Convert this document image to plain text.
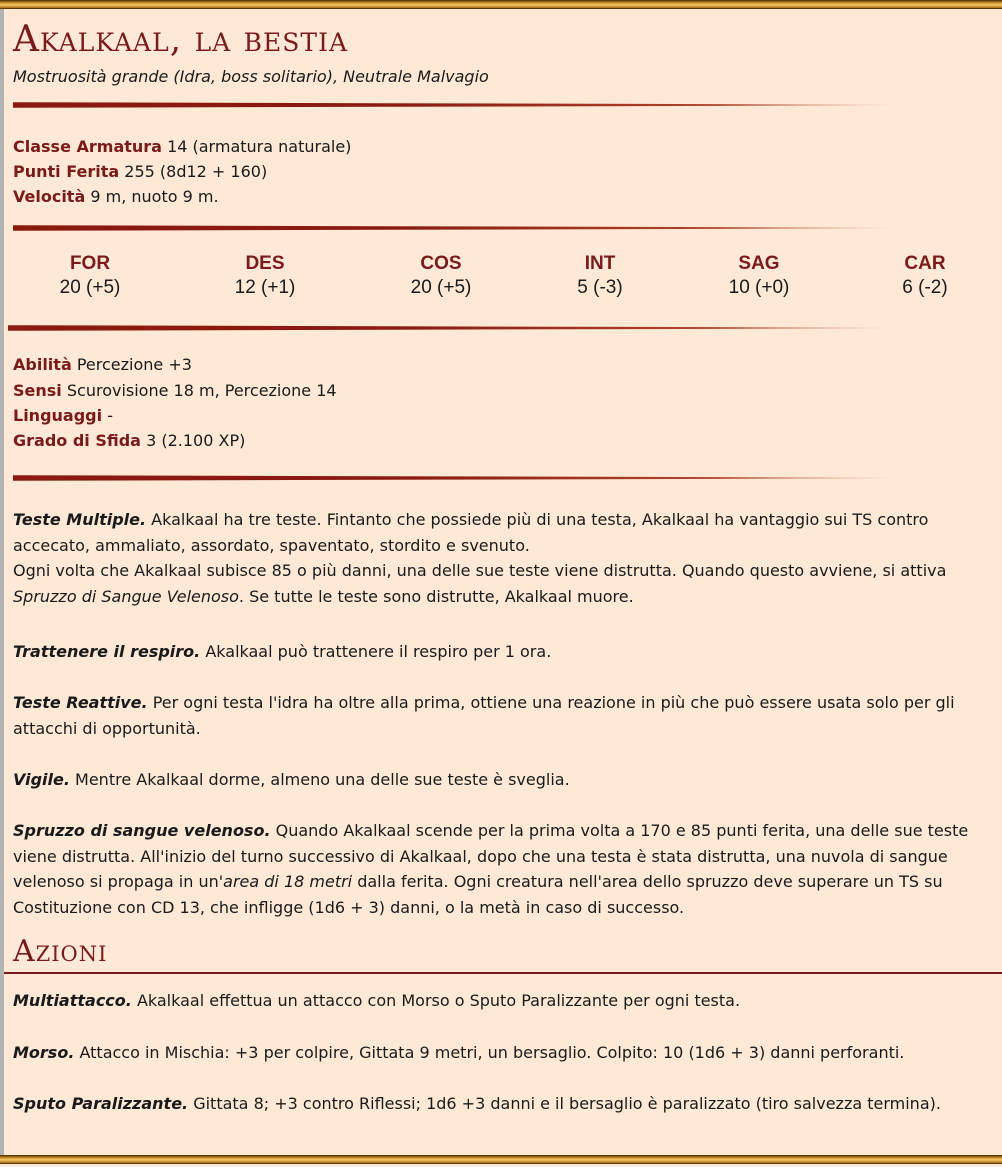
Akalkaal, la bestia
Mostruosità grande (Idra, boss solitario), Neutrale Malvagio
Classe Armatura 14 (armatura naturale)
Punti Ferita 255 (8d12 + 160)
Velocità 9 m, nuoto 9 m.
FOR
20 (+5)
DES
12 (+1)
COS
20 (+5)
INT
5 (-3)
SAG
10 (+0)
CAR
6 (-2)
Abilità Percezione +3
Sensi Scurovisione 18 m, Percezione 14
Linguaggi -
Grado di Sfida 3 (2.100 XP)
Teste Multiple. Akalkaal ha tre teste. Fintanto che possiede più di una testa, Akalkaal ha vantaggio sui TS contro accecato, ammaliato, assordato, spaventato, stordito e svenuto.
Ogni volta che Akalkaal subisce 85 o più danni, una delle sue teste viene distrutta. Quando questo avviene, si attiva Spruzzo di Sangue Velenoso. Se tutte le teste sono distrutte, Akalkaal muore.
Trattenere il respiro. Akalkaal può trattenere il respiro per 1 ora.
Teste Reattive. Per ogni testa l'idra ha oltre alla prima, ottiene una reazione in più che può essere usata solo per gli attacchi di opportunità.
Vigile. Mentre Akalkaal dorme, almeno una delle sue teste è sveglia.
Spruzzo di sangue velenoso. Quando Akalkaal scende per la prima volta a 170 e 85 punti ferita, una delle sue teste viene distrutta. All'inizio del turno successivo di Akalkaal, dopo che una testa è stata distrutta, una nuvola di sangue velenoso si propaga in un'area di 18 metri dalla ferita. Ogni creatura nell'area dello spruzzo deve superare un TS su Costituzione con CD 13, che infligge (1d6 + 3) danni, o la metà in caso di successo.
Azioni
Multiattacco. Akalkaal effettua un attacco con Morso o Sputo Paralizzante per ogni testa.
Morso. Attacco in Mischia: +3 per colpire, Gittata 9 metri, un bersaglio. Colpito: 10 (1d6 + 3) danni perforanti.
Sputo Paralizzante. Gittata 8; +3 contro Riflessi; 1d6 +3 danni e il bersaglio è paralizzato (tiro salvezza termina).
